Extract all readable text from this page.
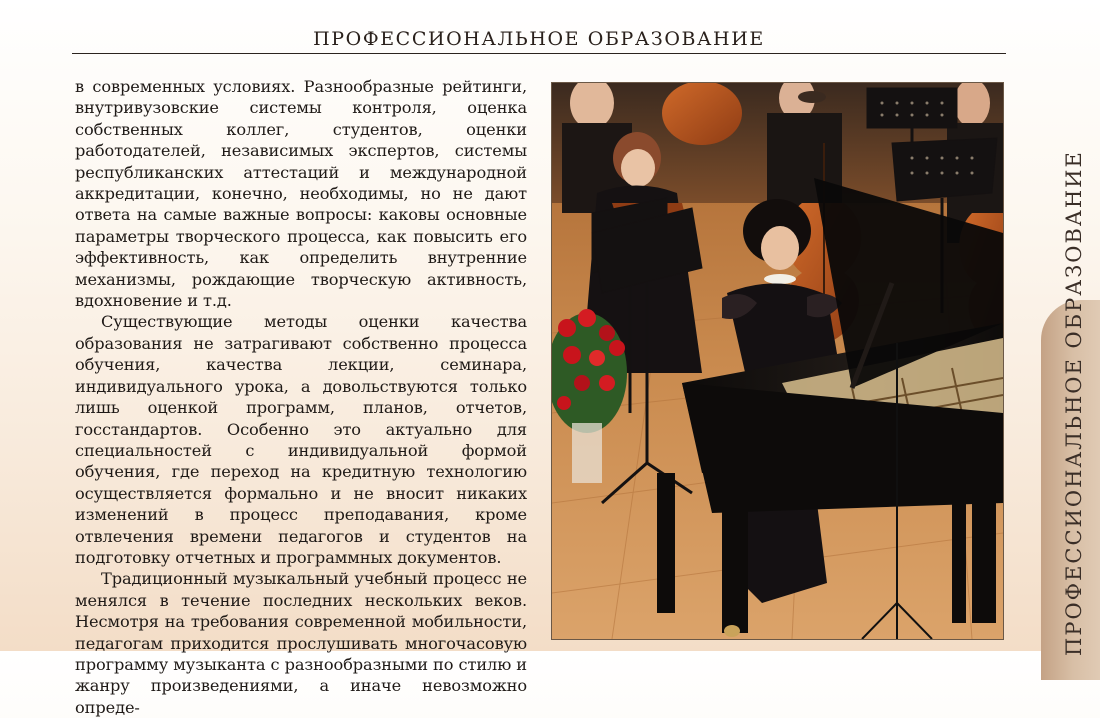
ПРОФЕССИОНАЛЬНОЕ ОБРАЗОВАНИЕ

в современных условиях. Разнообразные рейтинги, внутривузовские системы контроля, оценка собственных коллег, студентов, оценки работодателей, независимых экспертов, системы республиканских аттестаций и международной аккредитации, конечно, необходимы, но не дают ответа на самые важные вопросы: каковы основные параметры творческого процесса, как повысить его эффективность, как определить внутренние механизмы, рождающие творческую активность, вдохновение и т.д.

Существующие методы оценки качества образования не затрагивают собственно процесса обучения, качества лекции, семинара, индивидуального урока, а довольствуются только лишь оценкой программ, планов, отчетов, госстандартов. Особенно это актуально для специальностей с индивидуальной формой обучения, где переход на кредитную технологию осуществляется формально и не вносит никаких изменений в процесс преподавания, кроме отвлечения времени педагогов и студентов на подготовку отчетных и программных документов.

Традиционный музыкальный учебный процесс не менялся в течение последних нескольких веков. Несмотря на требования современной мобильности, педагогам приходится прослушивать многочасовую программу музыканта с разнообразными по стилю и жанру произведениями, а иначе невозможно опреде-

ПРОФЕССИОНАЛЬНОЕ ОБРАЗОВАНИЕ
